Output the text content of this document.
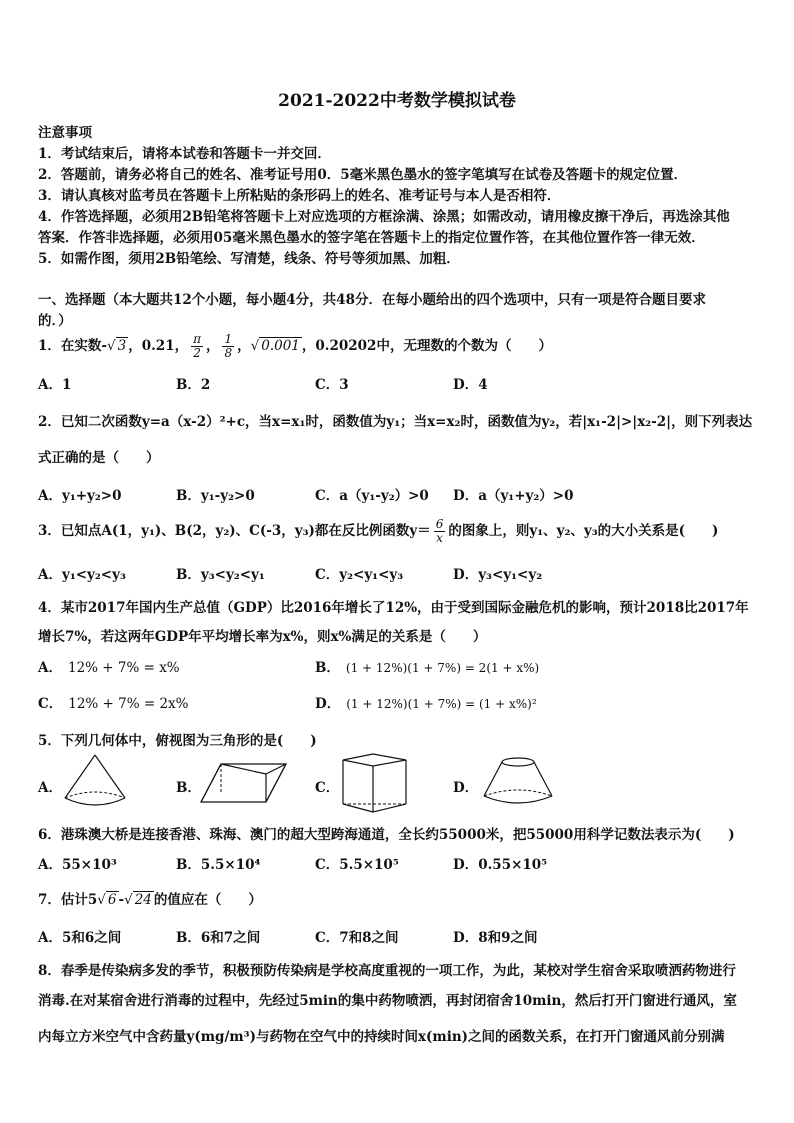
2021-2022中考数学模拟试卷
注意事项
1．考试结束后，请将本试卷和答题卡一并交回．
2．答题前，请务必将自己的姓名、准考证号用0．5毫米黑色墨水的签字笔填写在试卷及答题卡的规定位置．
3．请认真核对监考员在答题卡上所粘贴的条形码上的姓名、准考证号与本人是否相符．
4．作答选择题，必须用2B铅笔将答题卡上对应选项的方框涂满、涂黑；如需改动，请用橡皮擦干净后，再选涂其他
答案．作答非选择题，必须用05毫米黑色墨水的签字笔在答题卡上的指定位置作答，在其他位置作答一律无效．
5．如需作图，须用2B铅笔绘、写清楚，线条、符号等须加黑、加粗．
一、选择题（本大题共12个小题，每小题4分，共48分．在每小题给出的四个选项中，只有一项是符合题目要求
的．）
1．在实数-√ 3 ，0.21， $\frac{\pi}{2}$ ， $\frac{1}{8}$ ，√ 0.001 ，0.20202中，无理数的个数为（　　）
A．1	B．2	C．3	D．4
2．已知二次函数y=a（x-2）²+c，当x=x₁时，函数值为y₁；当x=x₂时，函数值为y₂，若|x₁-2|>|x₂-2|，则下列表达
式正确的是（　　）
A．y₁+y₂>0	B．y₁-y₂>0	C．a（y₁-y₂）>0 D．a（y₁+y₂）>0
3．已知点A(1，y₁)、B(2，y₂)、C(-3，y₃)都在反比例函数$y= \frac{6}{x}$ 的图象上，则y₁、y₂、y₃的大小关系是(　　)
A．y₁<y₂<y₃	B．y₃<y₂<y₁	C．y₂<y₁<y₃	D．y₃<y₁<y₂
4．某市2017年国内生产总值（GDP）比2016年增长了12%，由于受到国际金融危机的影响，预计2018比2017年
增长7%，若这两年GDP年平均增长率为x%，则x%满足的关系是（　　）
A． 12% + 7% = x%	B． (1 + 12%)(1 + 7%) = 2(1 + x%)
C． 12% + 7% = 2x%	D． (1 + 12%)(1 + 7%) = (1 + x%)²
5．下列几何体中，俯视图为三角形的是(　　)
A．	B．	C．	D．
6．港珠澳大桥是连接香港、珠海、澳门的超大型跨海通道，全长约55000米，把55000用科学记数法表示为(　　)
A．55×10³	B．5.5×10⁴	C．5.5×10⁵	D．0.55×10⁵
7．估计5√ 6 -√ 24 的值应在（　　）
A．5和6之间	B．6和7之间	C．7和8之间	D．8和9之间
8．春季是传染病多发的季节，积极预防传染病是学校高度重视的一项工作，为此，某校对学生宿舍采取喷洒药物进行
消毒.在对某宿舍进行消毒的过程中，先经过5min的集中药物喷洒，再封闭宿舍10min，然后打开门窗进行通风，室
内每立方米空气中含药量y(mg/m³)与药物在空气中的持续时间x(min)之间的函数关系，在打开门窗通风前分别满
